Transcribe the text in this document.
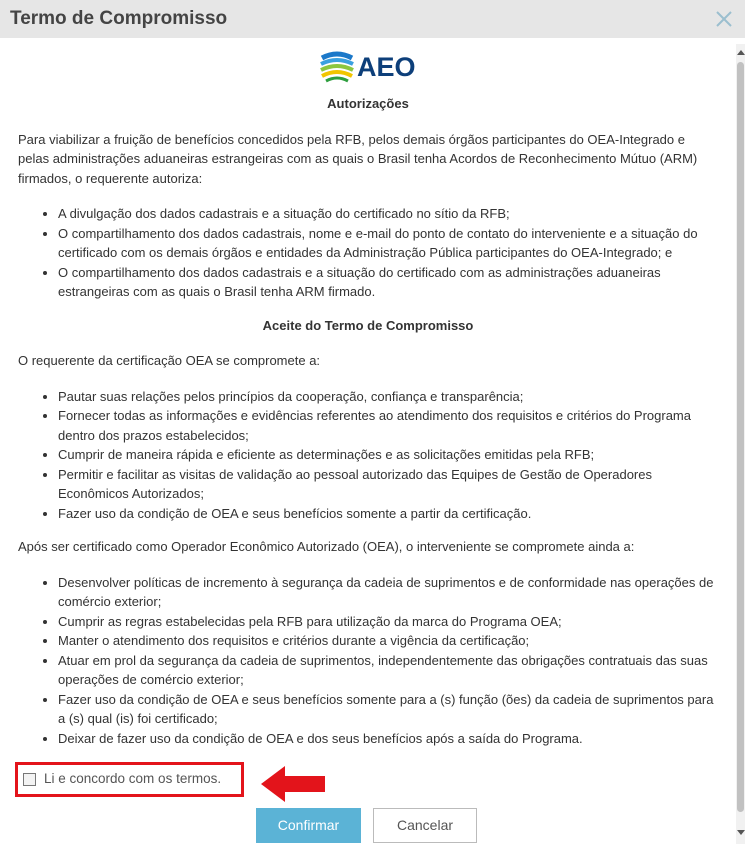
Termo de Compromisso
AEO
Autorizações

Para viabilizar a fruição de benefícios concedidos pela RFB, pelos demais órgãos participantes do OEA-Integrado e pelas administrações aduaneiras estrangeiras com as quais o Brasil tenha Acordos de Reconhecimento Mútuo (ARM) firmados, o requerente autoriza:

• A divulgação dos dados cadastrais e a situação do certificado no sítio da RFB;
• O compartilhamento dos dados cadastrais, nome e e-mail do ponto de contato do interveniente e a situação do certificado com os demais órgãos e entidades da Administração Pública participantes do OEA-Integrado; e
• O compartilhamento dos dados cadastrais e a situação do certificado com as administrações aduaneiras estrangeiras com as quais o Brasil tenha ARM firmado.
Aceite do Termo de Compromisso

O requerente da certificação OEA se compromete a:

• Pautar suas relações pelos princípios da cooperação, confiança e transparência;
• Fornecer todas as informações e evidências referentes ao atendimento dos requisitos e critérios do Programa dentro dos prazos estabelecidos;
• Cumprir de maneira rápida e eficiente as determinações e as solicitações emitidas pela RFB;
• Permitir e facilitar as visitas de validação ao pessoal autorizado das Equipes de Gestão de Operadores Econômicos Autorizados;
• Fazer uso da condição de OEA e seus benefícios somente a partir da certificação.

Após ser certificado como Operador Econômico Autorizado (OEA), o interveniente se compromete ainda a:

• Desenvolver políticas de incremento à segurança da cadeia de suprimentos e de conformidade nas operações de comércio exterior;
• Cumprir as regras estabelecidas pela RFB para utilização da marca do Programa OEA;
• Manter o atendimento dos requisitos e critérios durante a vigência da certificação;
• Atuar em prol da segurança da cadeia de suprimentos, independentemente das obrigações contratuais das suas operações de comércio exterior;
• Fazer uso da condição de OEA e seus benefícios somente para a (s) função (ões) da cadeia de suprimentos para a (s) qual (is) foi certificado;
• Deixar de fazer uso da condição de OEA e dos seus benefícios após a saída do Programa.
Li e concordo com os termos.
Confirmar	Cancelar
